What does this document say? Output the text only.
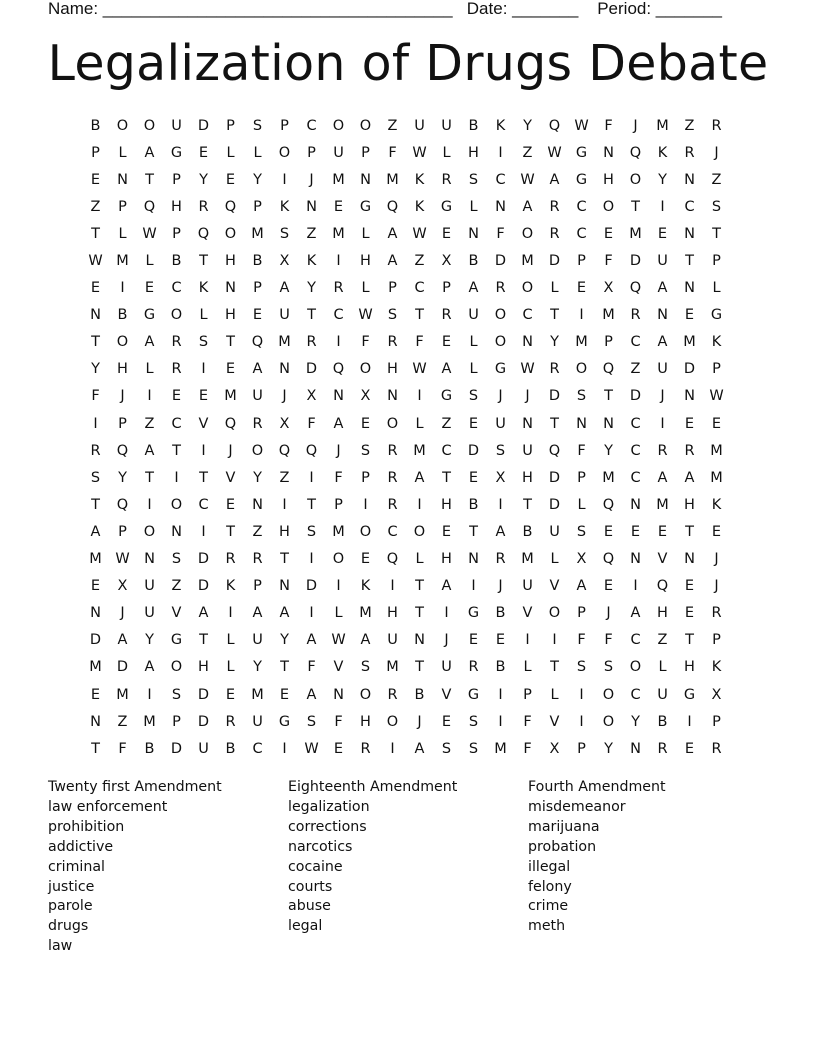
Name: _____________________________________   Date: _______    Period: _______
Legalization of Drugs Debate
B	O	O	U	D	P	S	P	C	O	O	Z	U	U	B	K	Y	Q W	F	J	M	Z	R
P	L	A	G	E	L	L	O	P	U	P	F	W	L	H	I	Z	W G	N	Q	K	R	J
E	N	T	P	Y	E	Y	I	J	M	N	M	K	R	S	C	W	A	G	H	O	Y	N	Z
Z	P	Q	H	R	Q	P	K	N	E	G	Q	K	G	L	N	A	R	C	O	T	I	C	S
T	L	W	P	Q	O	M	S	Z	M	L	A	W	E	N	F	O	R	C	E	M	E	N	T
W M	L	B	T	H	B	X	K	I	H	A	Z	X	B	D	M	D	P	F	D	U	T	P
E	I	E	C	K	N	P	A	Y	R	L	P	C	P	A	R	O	L	E	X	Q	A	N	L
N	B	G	O	L	H	E	U	T	C	W	S	T	R	U	O	C	T	I	M	R	N	E	G
T	O	A	R	S	T	Q	M	R	I	F	R	F	E	L	O	N	Y	M	P	C	A	M	K
Y	H	L	R	I	E	A	N	D	Q	O	H W	A	L	G W	R	O	Q	Z	U	D	P
F	J	I	E	E	M	U	J	X	N	X	N	I	G	S	J	J	D	S	T	D	J	N W
I	P	Z	C	V	Q	R	X	F	A	E	O	L	Z	E	U	N	T	N	N	C	I	E	E
R	Q	A	T	I	J	O	Q	Q	J	S	R	M	C	D	S	U	Q	F	Y	C	R	R	M
S	Y	T	I	T	V	Y	Z	I	F	P	R	A	T	E	X	H	D	P	M	C	A	A	M
T	Q	I	O	C	E	N	I	T	P	I	R	I	H	B	I	T	D	L	Q	N	M	H	K
A	P	O	N	I	T	Z	H	S	M	O	C	O	E	T	A	B	U	S	E	E	E	T	E
M W N	S	D	R	R	T	I	O	E	Q	L	H	N	R	M	L	X	Q	N	V	N	J
E	X	U	Z	D	K	P	N	D	I	K	I	T	A	I	J	U	V	A	E	I	Q	E	J
N	J	U	V	A	I	A	A	I	L	M	H	T	I	G	B	V	O	P	J	A	H	E	R
D	A	Y	G	T	L	U	Y	A	W	A	U	N	J	E	E	I	I	F	F	C	Z	T	P
M	D	A	O	H	L	Y	T	F	V	S	M	T	U	R	B	L	T	S	S	O	L	H	K
E	M	I	S	D	E	M	E	A	N	O	R	B	V	G	I	P	L	I	O	C	U	G	X
N	Z	M	P	D	R	U	G	S	F	H	O	J	E	S	I	F	V	I	O	Y	B	I	P
T	F	B	D	U	B	C	I	W	E	R	I	A	S	S	M	F	X	P	Y	N	R	E	R
Twenty first Amendment
law enforcement
prohibition
addictive
criminal
justice
parole
drugs
law
Eighteenth Amendment
legalization
corrections
narcotics
cocaine
courts
abuse
legal
Fourth Amendment
misdemeanor
marijuana
probation
illegal
felony
crime
meth
